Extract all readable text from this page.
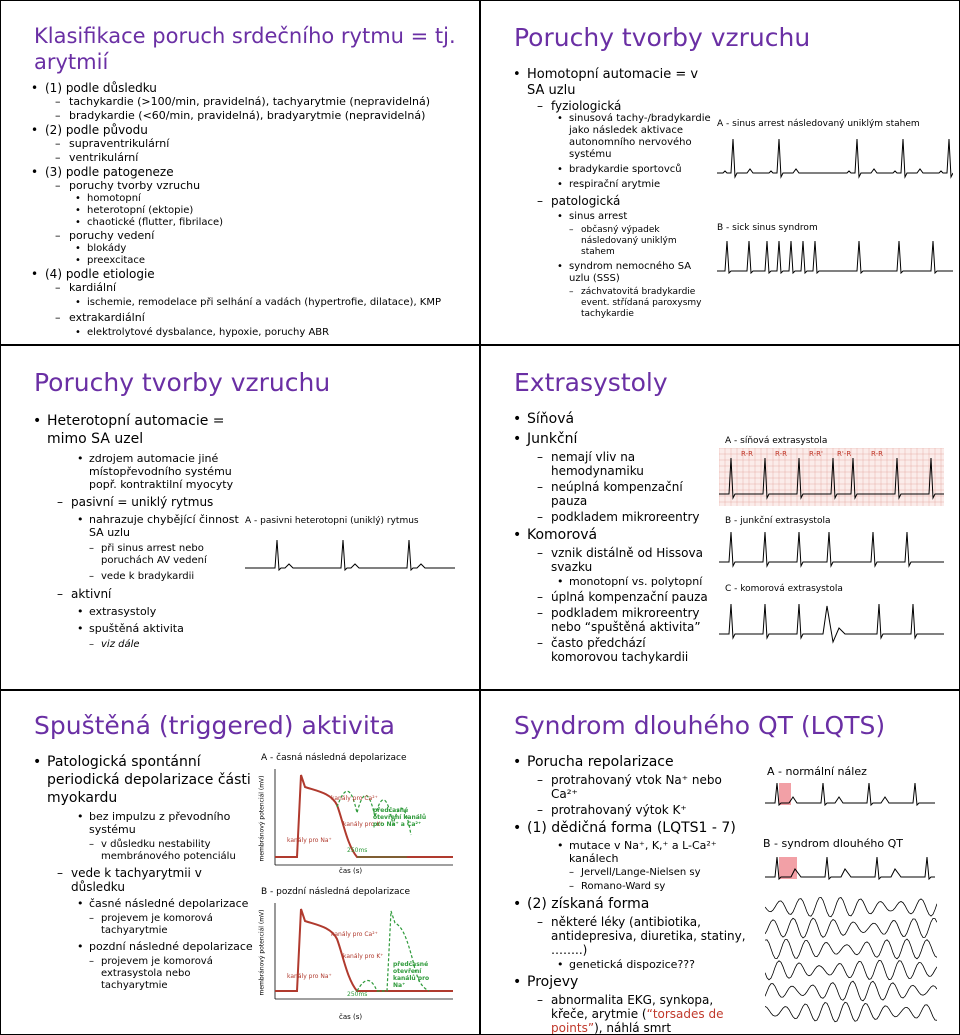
Klasifikace poruch srdečního rytmu = tj. arytmií

• (1) podle důsledku

– tachykardie (>100/min, pravidelná), tachyarytmie (nepravidelná)

– bradykardie (<60/min, pravidelná), bradyarytmie (nepravidelná)

• (2) podle původu

– supraventrikulární

– ventrikulární

• (3) podle patogeneze

– poruchy tvorby vzruchu

• homotopní

• heterotopní (ektopie)

• chaotické (flutter, fibrilace)

– poruchy vedení

• blokády

• preexcitace

• (4) podle etiologie

– kardiální

• ischemie, remodelace při selhání a vadách (hypertrofie, dilatace), KMP

– extrakardiální

• elektrolytové dysbalance, hypoxie, poruchy ABR

Poruchy tvorby vzruchu

• Homotopní automacie = v SA uzlu

– fyziologická

• sinusová tachy-/bradykardie jako následek aktivace autonomního nervového systému

• bradykardie sportovců

• respirační arytmie

– patologická

• sinus arrest

– občasný výpadek následovaný uniklým stahem

• syndrom nemocného SA uzlu (SSS)

– záchvatovitá bradykardie event. střídaná paroxysmy tachykardie

A - sinus arrest následovaný uniklým stahem
B - sick sinus syndrom
Poruchy tvorby vzruchu

• Heterotopní automacie = mimo SA uzel

• zdrojem automacie jiné místopřevodního systému popř. kontraktilní myocyty

– pasivní = uniklý rytmus

• nahrazuje chybějící činnost SA uzlu

– při sinus arrest nebo poruchách AV vedení

– vede k bradykardii

– aktivní

• extrasystoly

• spuštěná aktivita

– viz dále

A - pasivni heterotopni (uniklý) rytmus
Extrasystoly

• Síňová

• Junkční

– nemají vliv na hemodynamiku

– neúplná kompenzační pauza

– podkladem mikroreentry

• Komorová

– vznik distálně od Hissova svazku

• monotopní vs. polytopní

– úplná kompenzační pauza

– podkladem mikroreentry nebo “spuštěná aktivita”

– často předchází komorovou tachykardii

A - síňová extrasystola
R-R	R-R	R-R' R'-R	R-R
B - junkční extrasystola
C - komorová extrasystola
Spuštěná (triggered) aktivita

• Patologická spontánní periodická depolarizace části myokardu

• bez impulzu z převodního systému

– v důsledku nestability membránového potenciálu

– vede k tachyarytmii v důsledku

• časné následné depolarizace

– projevem je komorová tachyarytmie

• pozdní následné depolarizace

– projevem je komorová extrasystola nebo tachyarytmie

A - časná následná depolarizace
membránový potenciál (mV)	kanály pro Na⁺
kanály pro Ca²⁺
kanály pro K⁺
předčasné otevření kanálů pro Na⁺ a Ca²⁺
250ms
čas (s)
B - pozdní následná depolarizace
membránový potenciál (mV)	kanály pro Na⁺
kanály pro Ca²⁺
kanály pro K⁺
předčasné otevření kanálů pro Na⁺
250ms
čas (s)
Syndrom dlouhého QT (LQTS)

• Porucha repolarizace

– protrahovaný vtok Na⁺ nebo Ca²⁺

– protrahovaný výtok K⁺

• (1) dědičná forma (LQTS1 - 7)

• mutace v Na⁺, K,⁺ a L-Ca²⁺ kanálech

– Jervell/Lange-Nielsen sy

– Romano-Ward sy

• (2) získaná forma

– některé léky (antibiotika, antidepresiva, diuretika, statiny, ……..)

• genetická dispozice???

• Projevy

– abnormalita EKG, synkopa, křeče, arytmie (“torsades de points”), náhlá smrt

A - normální nález
B - syndrom dlouhého QT
